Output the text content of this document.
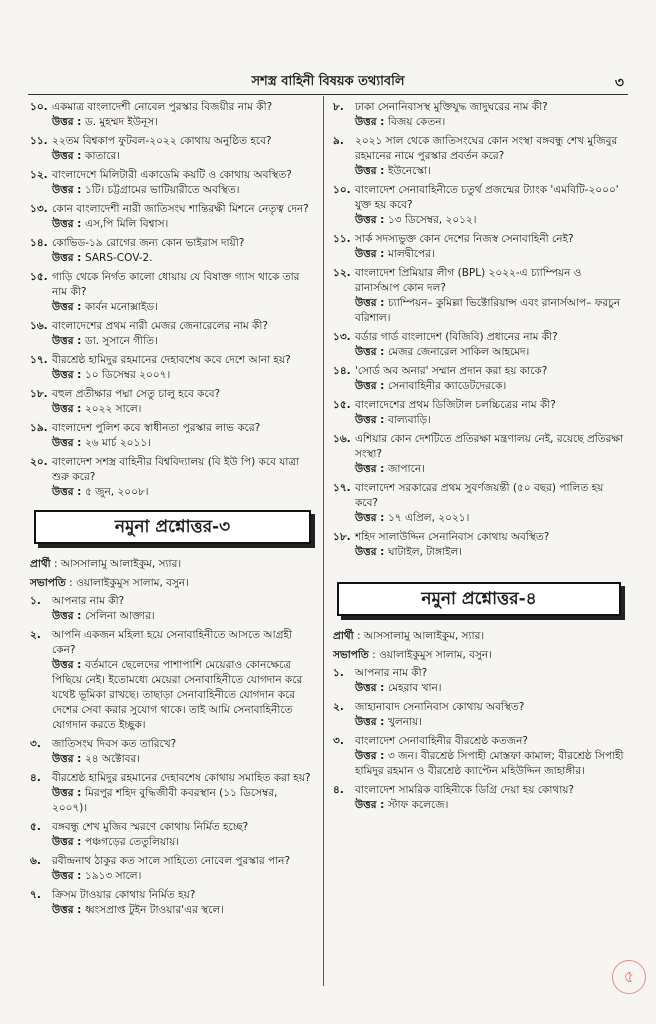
সশস্ত্র বাহিনী বিষয়ক তথ্যাবলি	৩
১০. একমাত্র বাংলাদেশী নোবেল পুরস্কার বিজয়ীর নাম কী?
উত্তর : ড. মুহম্মদ ইউনূস।
১১. ২২তম বিশ্বকাপ ফুটবল-২০২২ কোথায় অনুষ্ঠিত হবে?
উত্তর : কাতারে।
১২. বাংলাদেশে মিলিটারী একাডেমি কয়টি ও কোথায় অবস্থিত?
উত্তর : ১টি। চট্টগ্রামের ভাটিয়ারীতে অবস্থিত।
১৩. কোন বাংলাদেশী নারী জাতিসংঘ শান্তিরক্ষী মিশনে নেতৃত্ব দেন?
উত্তর : এস,পি মিলি বিশ্বাস।
১৪. কোভিড-১৯ রোগের জন্য কোন ভাইরাস দায়ী?
উত্তর : SARS-COV-2.
১৫. গাড়ি থেকে নির্গত কালো ধোয়ায় যে বিষাক্ত গ্যাস থাকে তার নাম কী?
উত্তর : কার্বন মনোক্সাইড।
১৬. বাংলাদেশের প্রথম নারী মেজর জেনারেলের নাম কী?
উত্তর : ডা. সুসানে গীতি।
১৭. বীরশ্রেষ্ঠ হামিদুর রহমানের দেহাবশেষ কবে দেশে আনা হয়?
উত্তর : ১০ ডিসেম্বর ২০০৭।
১৮. বহুল প্রতীক্ষার পদ্মা সেতু চালু হবে কবে?
উত্তর : ২০২২ সালে।
১৯. বাংলাদেশ পুলিশ কবে স্বাধীনতা পুরস্কার লাভ করে?
উত্তর : ২৬ মার্চ ২০১১।
২০. বাংলাদেশ সশস্ত্র বাহিনীর বিশ্ববিদ্যালয় (বি ইউ পি) কবে যাত্রা শুরু করে?
উত্তর : ৫ জুন, ২০০৮।
নমুনা প্রশ্নোত্তর-৩
প্রার্থী : আসসালামু আলাইকুম, স্যার।
সভাপতি : ওয়ালাইকুমুস সালাম, বসুন।
১.	আপনার নাম কী?
উত্তর : সেলিনা আক্তার।
২.	আপনি একজন মহিলা হয়ে সেনাবাহিনীতে আসতে আগ্রহী কেন?
উত্তর : বর্তমানে ছেলেদের পাশাপাশি মেয়েরাও কোনক্ষেত্রে পিছিয়ে নেই। ইতোমধ্যে মেয়েরা সেনাবাহিনীতে যোগদান করে যথেষ্ট ভূমিকা রাখছে। তাছাড়া সেনাবাহিনীতে যোগদান করে দেশের সেবা করার সুযোগ থাকে। তাই আমি সেনাবাহিনীতে যোগদান করতে ইচ্ছুক।
৩.	জাতিসংঘ দিবস কত তারিখে?
উত্তর : ২৪ অক্টোবর।
৪.	বীরশ্রেষ্ঠ হামিদুর রহমানের দেহাবশেষ কোথায় সমাহিত করা হয়?
উত্তর : মিরপুর শহিদ বুদ্ধিজীবী কবরস্থান (১১ ডিসেম্বর, ২০০৭)।
৫.	বঙ্গবন্ধু শেখ মুজিব স্মরণে কোথায় নির্মিত হচ্ছে?
উত্তর : পঞ্চগড়ের তেতুলিয়ায়।
৬.	রবীন্দ্রনাথ ঠাকুর কত সালে সাহিত্যে নোবেল পুরস্কার পান?
উত্তর : ১৯১৩ সালে।
৭.	ক্রিসম টাওয়ার কোথায় নির্মিত হয়?
উত্তর : ধ্বংসপ্রাপ্ত টুইন টাওয়ার'এর স্থলে।
৮.	ঢাকা সেনানিবাসস্থ মুক্তিযুদ্ধ জাদুঘরের নাম কী?
উত্তর : বিজয় কেতন।
৯.	২০২১ সাল থেকে জাতিসংঘের কোন সংস্থা বঙ্গবন্ধু শেখ মুজিবুর রহমানের নামে পুরস্কার প্রবর্তন করে?
উত্তর : ইউনেস্কো।
১০. বাংলাদেশ সেনাবাহিনীতে চতুর্থ প্রজন্মের ট্যাংক 'এমবিটি-২০০০' যুক্ত হয় কবে?
উত্তর : ১৩ ডিসেম্বর, ২০১২।
১১. সার্ক সদস্যভুক্ত কোন দেশের নিজস্ব সেনাবাহিনী নেই?
উত্তর : মালদ্বীপের।
১২. বাংলাদেশ প্রিমিয়ার লীগ (BPL) ২০২২-এ চ্যাম্পিয়ন ও রানার্সআপ কোন দল?
উত্তর : চ্যাম্পিয়ন– কুমিল্লা ভিক্টোরিয়ান্স এবং রানার্সআপ– ফরচুন বরিশাল।
১৩. বর্ডার গার্ড বাংলাদেশ (বিজিবি) প্রধানের নাম কী?
উত্তর : মেজর জেনারেল সাকিল আহমেদ।
১৪. 'সোর্ড অব অনার' সম্মান প্রদান করা হয় কাকে?
উত্তর : সেনাবাহিনীর ক্যাডেটদেরকে।
১৫. বাংলাদেশের প্রথম ডিজিটাল চলচ্চিত্রের নাম কী?
উত্তর : বাল্যবাড়ি।
১৬. এশিয়ার কোন দেশটিতে প্রতিরক্ষা মন্ত্রণালয় নেই, রয়েছে প্রতিরক্ষা সংস্থা?
উত্তর : জাপানে।
১৭. বাংলাদেশ সরকারের প্রথম সুবর্ণজয়ন্তী (৫০ বছর) পালিত হয় কবে?
উত্তর : ১৭ এপ্রিল, ২০২১।
১৮. শহিদ সালাউদ্দিন সেনানিবাস কোথায় অবস্থিত?
উত্তর : ঘাটাইল, টাঙ্গাইল।
নমুনা প্রশ্নোত্তর-৪
প্রার্থী : আসসালামু আলাইকুম, স্যার।
সভাপতি : ওয়ালাইকুমুস সালাম, বসুন।
১.	আপনার নাম কী?
উত্তর : মেহরাব খান।
২.	জাহানাবাদ সেনানিবাস কোথায় অবস্থিত?
উত্তর : খুলনায়।
৩.	বাংলাদেশ সেনাবাহিনীর বীরশ্রেষ্ঠ কতজন?
উত্তর : ৩ জন। বীরশ্রেষ্ঠ সিপাহী মোস্তফা কামাল; বীরশ্রেষ্ঠ সিপাহী হামিদুর রহমান ও বীরশ্রেষ্ঠ ক্যাপ্টেন মহিউদ্দিন জাহাঙ্গীর।
৪.	বাংলাদেশ সামরিক বাহিনীকে ডিগ্রি দেয়া হয় কোথায়?
উত্তর : স্টাফ কলেজে।
৫
